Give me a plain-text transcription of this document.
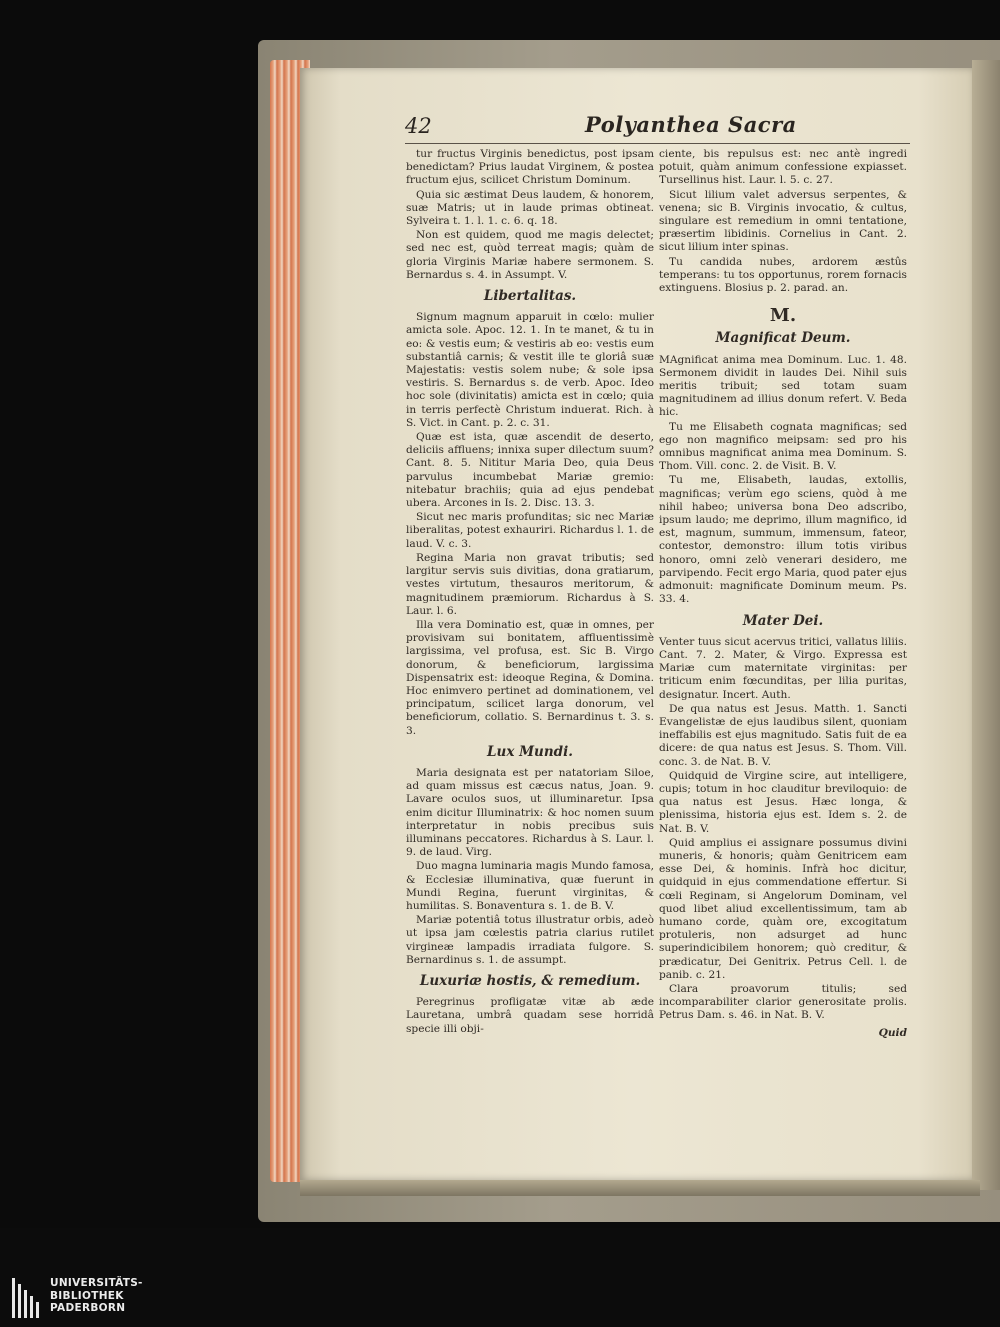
42	Polyanthea Sacra

tur fructus Virginis benedictus, post ipsam benedictam? Prius laudat Virginem, & postea fructum ejus, scilicet Christum Dominum.

Quia sic æstimat Deus laudem, & honorem, suæ Matris; ut in laude primas obtineat. Sylveira t. 1. l. 1. c. 6. q. 18.

Non est quidem, quod me magis delectet; sed nec est, quòd terreat magis; quàm de gloria Virginis Mariæ habere sermonem. S. Bernardus s. 4. in Assumpt. V.

Libertalitas.

Signum magnum apparuit in cœlo: mulier amicta sole. Apoc. 12. 1. In te manet, & tu in eo: & vestis eum; & vestiris ab eo: vestis eum substantiâ carnis; & vestit ille te gloriâ suæ Majestatis: vestis solem nube; & sole ipsa vestiris. S. Bernardus s. de verb. Apoc. Ideo hoc sole (divinitatis) amicta est in cœlo; quia in terris perfectè Christum induerat. Rich. à S. Vict. in Cant. p. 2. c. 31.

Quæ est ista, quæ ascendit de deserto, deliciis affluens; innixa super dilectum suum? Cant. 8. 5. Nititur Maria Deo, quia Deus parvulus incumbebat Mariæ gremio: nitebatur brachiis; quia ad ejus pendebat ubera. Arcones in Is. 2. Disc. 13. 3.

Sicut nec maris profunditas; sic nec Mariæ liberalitas, potest exhauriri. Richardus l. 1. de laud. V. c. 3.

Regina Maria non gravat tributis; sed largitur servis suis divitias, dona gratiarum, vestes virtutum, thesauros meritorum, & magnitudinem præmiorum. Richardus à S. Laur. l. 6.

Illa vera Dominatio est, quæ in omnes, per provisivam sui bonitatem, affluentissimè largissima, vel profusa, est. Sic B. Virgo donorum, & beneficiorum, largissima Dispensatrix est: ideoque Regina, & Domina. Hoc enimvero pertinet ad dominationem, vel principatum, scilicet larga donorum, vel beneficiorum, collatio. S. Bernardinus t. 3. s. 3.

Lux Mundi.

Maria designata est per natatoriam Siloe, ad quam missus est cæcus natus, Joan. 9. Lavare oculos suos, ut illuminaretur. Ipsa enim dicitur Illuminatrix: & hoc nomen suum interpretatur in nobis precibus suis illuminans peccatores. Richardus à S. Laur. l. 9. de laud. Virg.

Duo magna luminaria magis Mundo famosa, & Ecclesiæ illuminativa, quæ fuerunt in Mundi Regina, fuerunt virginitas, & humilitas. S. Bonaventura s. 1. de B. V.

Mariæ potentiâ totus illustratur orbis, adeò ut ipsa jam cœlestis patria clarius rutilet virgineæ lampadis irradiata fulgore. S. Bernardinus s. 1. de assumpt.

Luxuriæ hostis, & remedium.

Peregrinus profligatæ vitæ ab æde Lauretana, umbrâ quadam sese horridâ specie illi obji-

ciente, bis repulsus est: nec antè ingredi potuit, quàm animum confessione expiasset. Tursellinus hist. Laur. l. 5. c. 27.

Sicut lilium valet adversus serpentes, & venena; sic B. Virginis invocatio, & cultus, singulare est remedium in omni tentatione, præsertim libidinis. Cornelius in Cant. 2. sicut lilium inter spinas.

Tu candida nubes, ardorem æstûs temperans: tu tos opportunus, rorem fornacis extinguens. Blosius p. 2. parad. an.

M.

Magnificat Deum.

MAgnificat anima mea Dominum. Luc. 1. 48. Sermonem dividit in laudes Dei. Nihil suis meritis tribuit; sed totam suam magnitudinem ad illius donum refert. V. Beda hic.

Tu me Elisabeth cognata magnificas; sed ego non magnifico meipsam: sed pro his omnibus magnificat anima mea Dominum. S. Thom. Vill. conc. 2. de Visit. B. V.

Tu me, Elisabeth, laudas, extollis, magnificas; verùm ego sciens, quòd à me nihil habeo; universa bona Deo adscribo, ipsum laudo; me deprimo, illum magnifico, id est, magnum, summum, immensum, fateor, contestor, demonstro: illum totis viribus honoro, omni zelò venerari desidero, me parvipendo. Fecit ergo Maria, quod pater ejus admonuit: magnificate Dominum meum. Ps. 33. 4.

Mater Dei.

Venter tuus sicut acervus tritici, vallatus liliis. Cant. 7. 2. Mater, & Virgo. Expressa est Mariæ cum maternitate virginitas: per triticum enim fœcunditas, per lilia puritas, designatur. Incert. Auth.

De qua natus est Jesus. Matth. 1. Sancti Evangelistæ de ejus laudibus silent, quoniam ineffabilis est ejus magnitudo. Satis fuit de ea dicere: de qua natus est Jesus. S. Thom. Vill. conc. 3. de Nat. B. V.

Quidquid de Virgine scire, aut intelligere, cupis; totum in hoc clauditur breviloquio: de qua natus est Jesus. Hæc longa, & plenissima, historia ejus est. Idem s. 2. de Nat. B. V.

Quid amplius ei assignare possumus divini muneris, & honoris; quàm Genitricem eam esse Dei, & hominis. Infrà hoc dicitur, quidquid in ejus commendatione effertur. Si cœli Reginam, si Angelorum Dominam, vel quod libet aliud excellentissimum, tam ab humano corde, quàm ore, excogitatum protuleris, non adsurget ad hunc superindicibilem honorem; quò creditur, & prædicatur, Dei Genitrix. Petrus Cell. l. de panib. c. 21.

Clara proavorum titulis; sed incomparabiliter clarior generositate prolis. Petrus Dam. s. 46. in Nat. B. V.

Quid

UNIVERSITÄTS-
BIBLIOTHEK
PADERBORN
